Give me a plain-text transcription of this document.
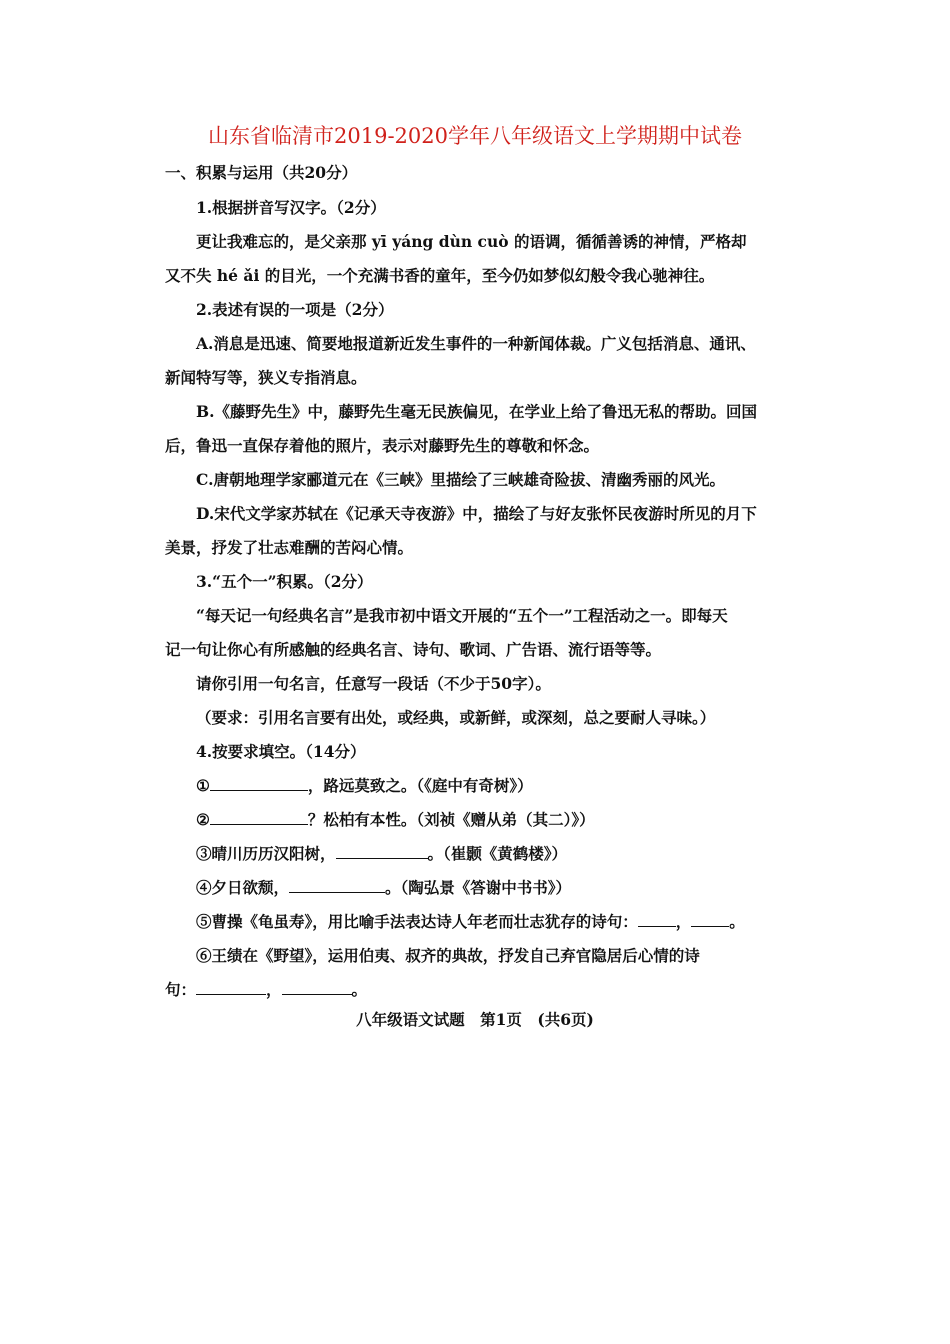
山东省临清市2019-2020学年八年级语文上学期期中试卷
一、积累与运用（共20分）
1.根据拼音写汉字。（2分）
更让我难忘的，是父亲那 yī yáng dùn cuò 的语调，循循善诱的神情，严格却
又不失 hé ǎi 的目光，一个充满书香的童年，至今仍如梦似幻般令我心驰神往。
2.表述有误的一项是（2分）
A.消息是迅速、简要地报道新近发生事件的一种新闻体裁。广义包括消息、通讯、
新闻特写等，狭义专指消息。
B.《藤野先生》中，藤野先生毫无民族偏见，在学业上给了鲁迅无私的帮助。回国
后，鲁迅一直保存着他的照片，表示对藤野先生的尊敬和怀念。
C.唐朝地理学家郦道元在《三峡》里描绘了三峡雄奇险拔、清幽秀丽的风光。
D.宋代文学家苏轼在《记承天寺夜游》中，描绘了与好友张怀民夜游时所见的月下
美景，抒发了壮志难酬的苦闷心情。
3.“五个一”积累。（2分）
“每天记一句经典名言”是我市初中语文开展的“五个一”工程活动之一。即每天
记一句让你心有所感触的经典名言、诗句、歌词、广告语、流行语等等。
请你引用一句名言，任意写一段话（不少于50字）。
（要求：引用名言要有出处，或经典，或新鲜，或深刻，总之要耐人寻味。）
4.按要求填空。（14分）
①	，路远莫致之。（《庭中有奇树》）
②	？松柏有本性。（刘祯《赠从弟（其二）》）
③晴川历历汉阳树，	。（崔颢《黄鹤楼》）
④夕日欲颓，	。（陶弘景《答谢中书书》）
⑤曹操《龟虽寿》，用比喻手法表达诗人年老而壮志犹存的诗句： ， 。
⑥王绩在《野望》，运用伯夷、叔齐的典故，抒发自己弃官隐居后心情的诗
句：	，	。
八年级语文试题　第1页　(共6页)
